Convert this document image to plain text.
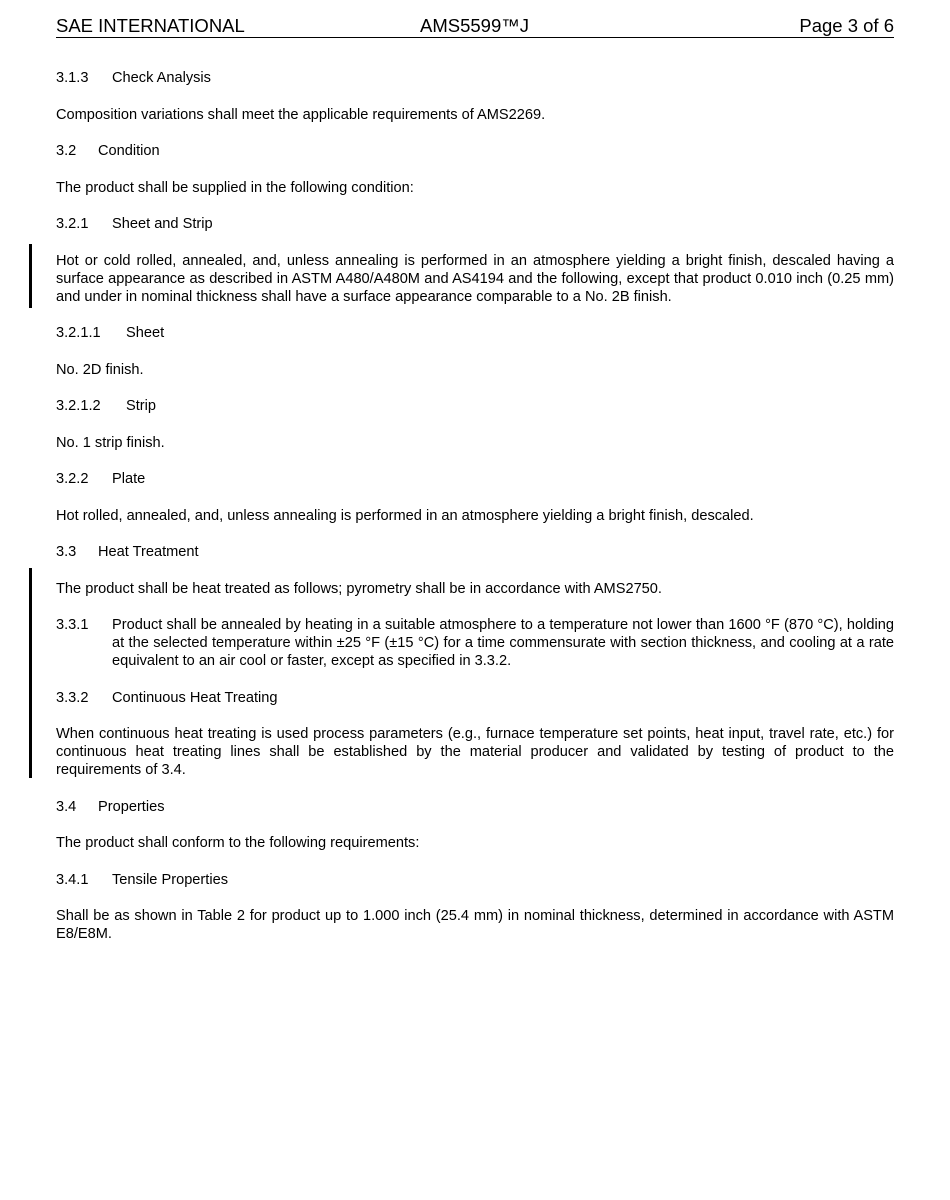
SAE INTERNATIONAL	AMS5599™J	Page 3 of 6
3.1.3 Check Analysis
Composition variations shall meet the applicable requirements of AMS2269.
3.2 Condition
The product shall be supplied in the following condition:
3.2.1 Sheet and Strip
Hot or cold rolled, annealed, and, unless annealing is performed in an atmosphere yielding a bright finish, descaled having a surface appearance as described in ASTM A480/A480M and AS4194 and the following, except that product 0.010 inch (0.25 mm) and under in nominal thickness shall have a surface appearance comparable to a No. 2B finish.
3.2.1.1 Sheet
No. 2D finish.
3.2.1.2 Strip
No. 1 strip finish.
3.2.2 Plate
Hot rolled, annealed, and, unless annealing is performed in an atmosphere yielding a bright finish, descaled.
3.3 Heat Treatment
The product shall be heat treated as follows; pyrometry shall be in accordance with AMS2750.
3.3.1	Product shall be annealed by heating in a suitable atmosphere to a temperature not lower than 1600 °F (870 °C), holding at the selected temperature within ±25 °F (±15 °C) for a time commensurate with section thickness, and cooling at a rate equivalent to an air cool or faster, except as specified in 3.3.2.
3.3.2 Continuous Heat Treating
When continuous heat treating is used process parameters (e.g., furnace temperature set points, heat input, travel rate, etc.) for continuous heat treating lines shall be established by the material producer and validated by testing of product to the requirements of 3.4.
3.4 Properties
The product shall conform to the following requirements:
3.4.1 Tensile Properties
Shall be as shown in Table 2 for product up to 1.000 inch (25.4 mm) in nominal thickness, determined in accordance with ASTM E8/E8M.
